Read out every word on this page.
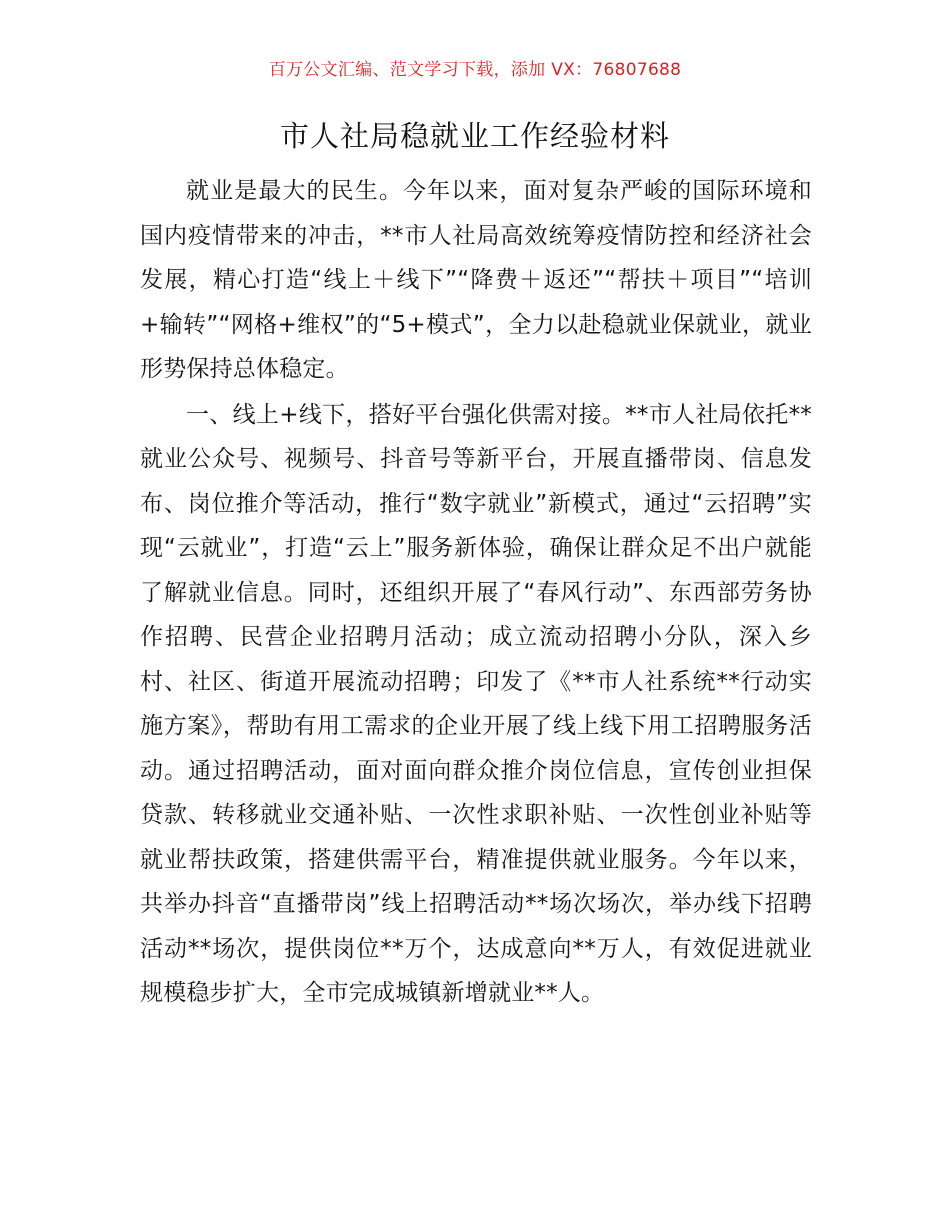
百万公文汇编、范文学习下载，添加 VX：76807688
市人社局稳就业工作经验材料

就业是最大的民生。今年以来，面对复杂严峻的国际环境和国内疫情带来的冲击，**市人社局高效统筹疫情防控和经济社会发展，精心打造“线上＋线下”“降费＋返还”“帮扶＋项目”“培训+输转”“网格+维权”的“5+模式”，全力以赴稳就业保就业，就业形势保持总体稳定。

一、线上+线下，搭好平台强化供需对接。**市人社局依托**就业公众号、视频号、抖音号等新平台，开展直播带岗、信息发布、岗位推介等活动，推行“数字就业”新模式，通过“云招聘”实现“云就业”，打造“云上”服务新体验，确保让群众足不出户就能了解就业信息。同时，还组织开展了“春风行动”、东西部劳务协作招聘、民营企业招聘月活动；成立流动招聘小分队，深入乡村、社区、街道开展流动招聘；印发了《**市人社系统**行动实施方案》，帮助有用工需求的企业开展了线上线下用工招聘服务活动。通过招聘活动，面对面向群众推介岗位信息，宣传创业担保贷款、转移就业交通补贴、一次性求职补贴、一次性创业补贴等就业帮扶政策，搭建供需平台，精准提供就业服务。今年以来，共举办抖音“直播带岗”线上招聘活动**场次场次，举办线下招聘活动**场次，提供岗位**万个，达成意向**万人，有效促进就业规模稳步扩大，全市完成城镇新增就业**人。
